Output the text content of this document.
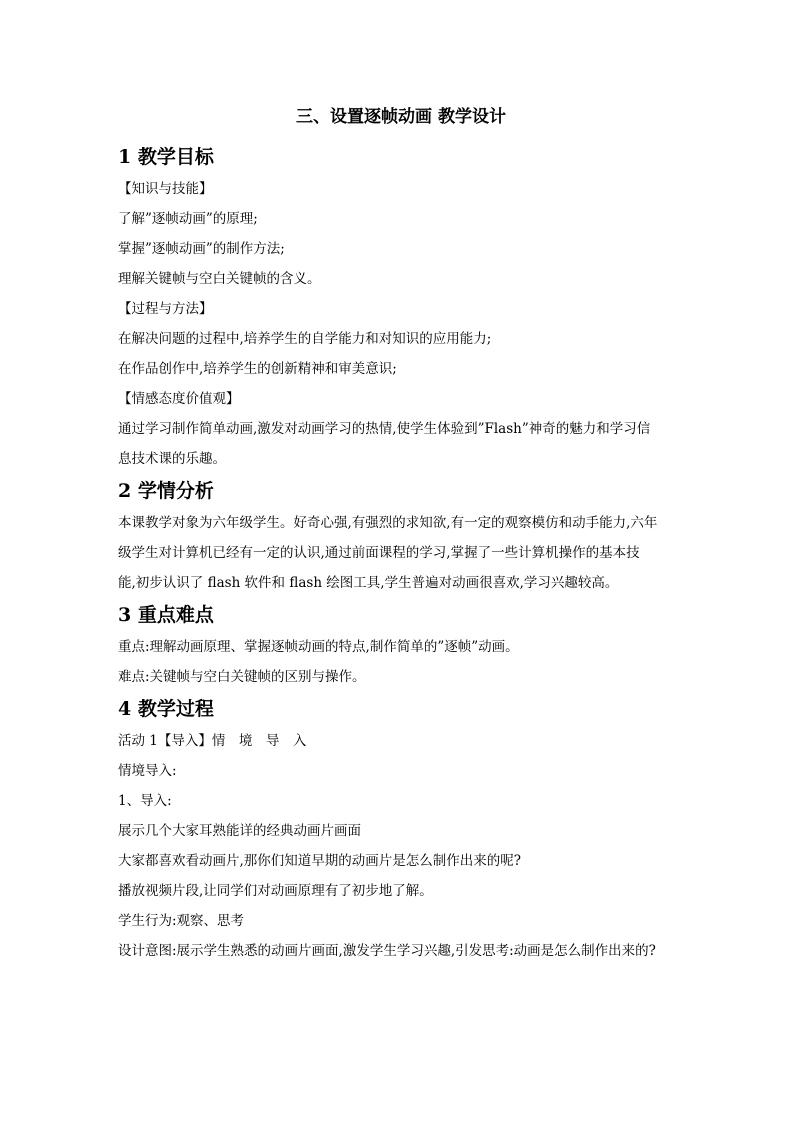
三、设置逐帧动画 教学设计
1 教学目标
【知识与技能】
了解”逐帧动画”的原理;
掌握”逐帧动画”的制作方法;
理解关键帧与空白关键帧的含义。
【过程与方法】
在解决问题的过程中,培养学生的自学能力和对知识的应用能力;
在作品创作中,培养学生的创新精神和审美意识;
【情感态度价值观】
通过学习制作简单动画,激发对动画学习的热情,使学生体验到”Flash”神奇的魅力和学习信
息技术课的乐趣。
2 学情分析
本课教学对象为六年级学生。好奇心强,有强烈的求知欲,有一定的观察模仿和动手能力,六年
级学生对计算机已经有一定的认识,通过前面课程的学习,掌握了一些计算机操作的基本技
能,初步认识了 flash 软件和 flash 绘图工具,学生普遍对动画很喜欢,学习兴趣较高。
3 重点难点
重点:理解动画原理、掌握逐帧动画的特点,制作简单的”逐帧”动画。
难点:关键帧与空白关键帧的区别与操作。
4 教学过程
活动 1【导入】情　境　导　入
情境导入:
1、导入:
展示几个大家耳熟能详的经典动画片画面
大家都喜欢看动画片,那你们知道早期的动画片是怎么制作出来的呢?
播放视频片段,让同学们对动画原理有了初步地了解。
学生行为:观察、思考
设计意图:展示学生熟悉的动画片画面,激发学生学习兴趣,引发思考:动画是怎么制作出来的?
